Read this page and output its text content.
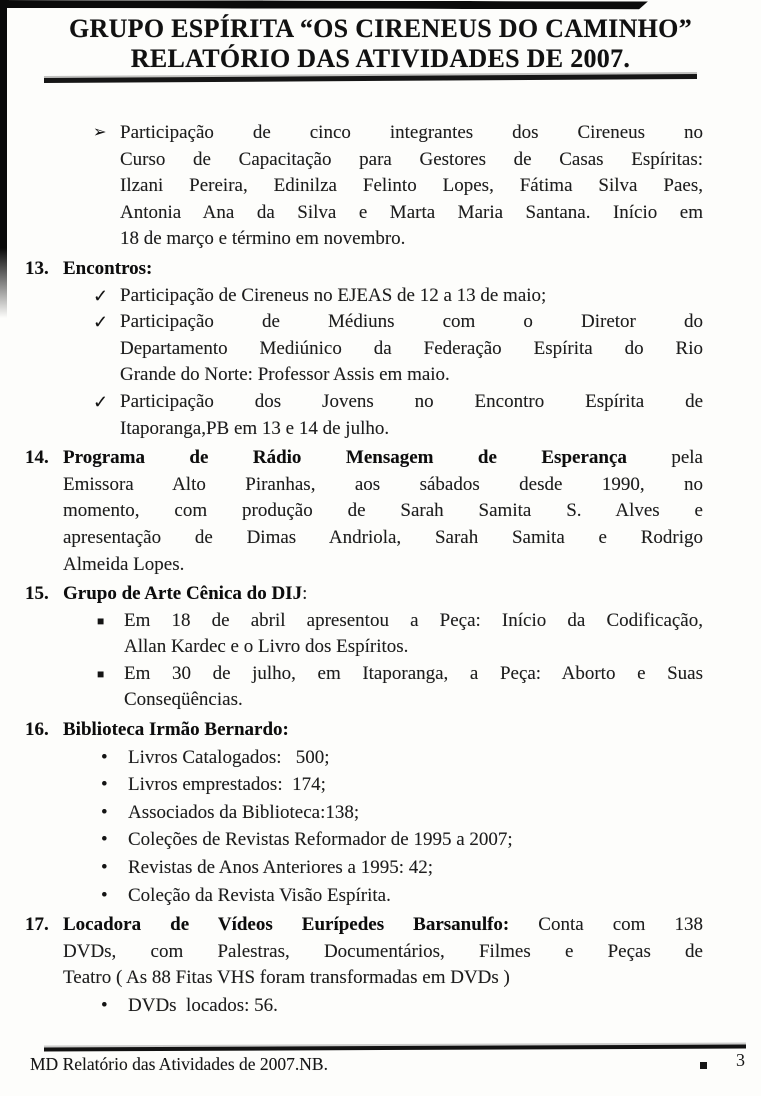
GRUPO ESPÍRITA “OS CIRENEUS DO CAMINHO”
RELATÓRIO DAS ATIVIDADES DE 2007.
➢ Participação de cinco integrantes dos Cireneus no
Curso de Capacitação para Gestores de Casas Espíritas:
Ilzani Pereira, Edinilza Felinto Lopes, Fátima Silva Paes,
Antonia Ana da Silva e Marta Maria Santana. Início em
18 de março e término em novembro.
13. Encontros:
✓ Participação de Cireneus no EJEAS de 12 a 13 de maio;
✓ Participação de Médiuns com o Diretor do
Departamento Mediúnico da Federação Espírita do Rio
Grande do Norte: Professor Assis em maio.
✓ Participação dos Jovens no Encontro Espírita de
Itaporanga,PB em 13 e 14 de julho.
14. Programa de Rádio Mensagem de Esperança pela
Emissora Alto Piranhas, aos sábados desde 1990, no
momento, com produção de Sarah Samita S. Alves e
apresentação de Dimas Andriola, Sarah Samita e Rodrigo
Almeida Lopes.
15. Grupo de Arte Cênica do DIJ:
■ Em 18 de abril apresentou a Peça: Início da Codificação,
Allan Kardec e o Livro dos Espíritos.
■ Em 30 de julho, em Itaporanga, a Peça: Aborto e Suas
Conseqüências.
16. Biblioteca Irmão Bernardo:
• Livros Catalogados:   500;
• Livros emprestados:  174;
• Associados da Biblioteca:138;
• Coleções de Revistas Reformador de 1995 a 2007;
• Revistas de Anos Anteriores a 1995: 42;
• Coleção da Revista Visão Espírita.
17. Locadora de Vídeos Eurípedes Barsanulfo: Conta com 138
DVDs, com Palestras, Documentários, Filmes e Peças de
Teatro ( As 88 Fitas VHS foram transformadas em DVDs )
• DVDs  locados: 56.
MD Relatório das Atividades de 2007.NB.	3
